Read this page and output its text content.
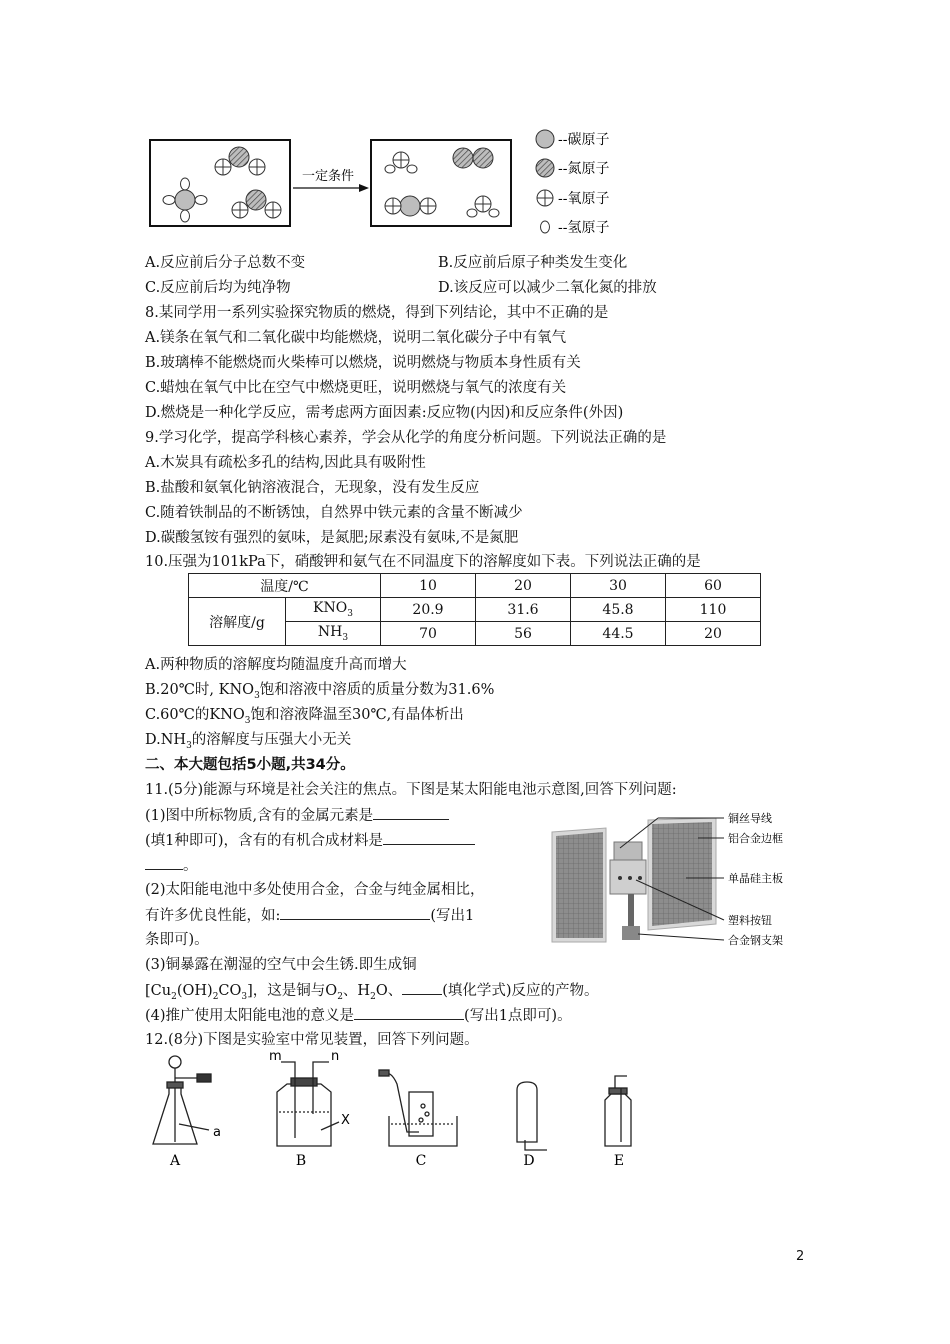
一定条件
--碳原子
--氮原子
--氧原子
--氢原子
A.反应前后分子总数不变	B.反应前后原子种类发生变化
C.反应前后均为纯净物	D.该反应可以减少二氧化氮的排放
8.某同学用一系列实验探究物质的燃烧，得到下列结论，其中不正确的是
A.镁条在氧气和二氧化碳中均能燃烧，说明二氧化碳分子中有氧气
B.玻璃棒不能燃烧而火柴棒可以燃烧，说明燃烧与物质本身性质有关
C.蜡烛在氧气中比在空气中燃烧更旺，说明燃烧与氧气的浓度有关
D.燃烧是一种化学反应，需考虑两方面因素:反应物(内因)和反应条件(外因)
9.学习化学，提高学科核心素养，学会从化学的角度分析问题。下列说法正确的是
A.木炭具有疏松多孔的结构,因此具有吸附性
B.盐酸和氨氧化钠溶液混合，无现象，没有发生反应
C.随着铁制品的不断锈蚀，自然界中铁元素的含量不断减少
D.碳酸氢铵有强烈的氨味，是氮肥;尿素没有氨味,不是氮肥
10.压强为101kPa下，硝酸钾和氨气在不同温度下的溶解度如下表。下列说法正确的是
温度/℃		10	20	30	60
溶解度/g	$KNO_3$	20.9	31.6	45.8	110
	$NH_3$	70	56	44.5	20
A.两种物质的溶解度均随温度升高而增大
B.20℃时, $KNO_3$饱和溶液中溶质的质量分数为31.6%
C.60℃的$KNO_3$饱和溶液降温至30℃,有晶体析出
$D.NH_3$的溶解度与压强大小无关
二、本大题包括5小题,共34分。
11.(5分)能源与环境是社会关注的焦点。下图是某太阳能电池示意图,回答下列问题:
(1)图中所标物质,含有的金属元素是
(填1种即可)，含有的有机合成材料是
。
(2)太阳能电池中多处使用合金，合金与纯金属相比，
有许多优良性能，如:	(写出1
条即可)。
(3)铜暴露在潮湿的空气中会生锈.即生成铜
$[Cu_2(OH)_2CO_3]$，这是铜与$O_2$、$H_2O$、	(填化学式)反应的产物。
(4)推广使用太阳能电池的意义是	(写出1点即可)。
铜丝导线
铝合金边框
单晶硅主板
塑料按钮
合金钢支架
12.(8分)下图是实验室中常见装置，回答下列问题。
A	B	C	D	E
a
m	n
X
2
